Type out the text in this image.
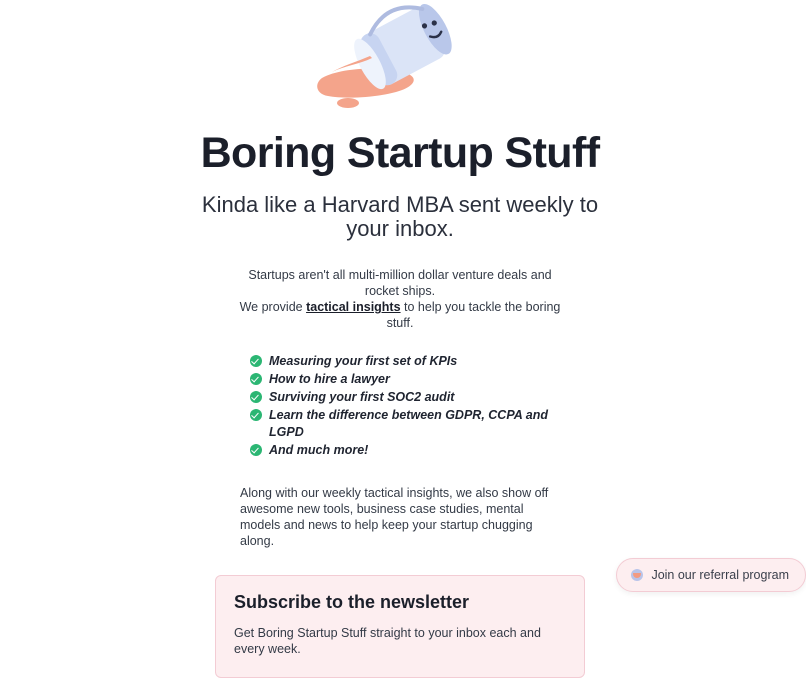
Boring Startup Stuff
Kinda like a Harvard MBA sent weekly to your inbox.
Startups aren't all multi-million dollar venture deals and rocket ships.
We provide tactical insights to help you tackle the boring stuff.
Measuring your first set of KPIs
How to hire a lawyer
Surviving your first SOC2 audit
Learn the difference between GDPR, CCPA and LGPD
And much more!
Along with our weekly tactical insights, we also show off awesome new tools, business case studies, mental models and news to help keep your startup chugging along.
Subscribe to the newsletter

Get Boring Startup Stuff straight to your inbox each and every week.

Join our referral program
